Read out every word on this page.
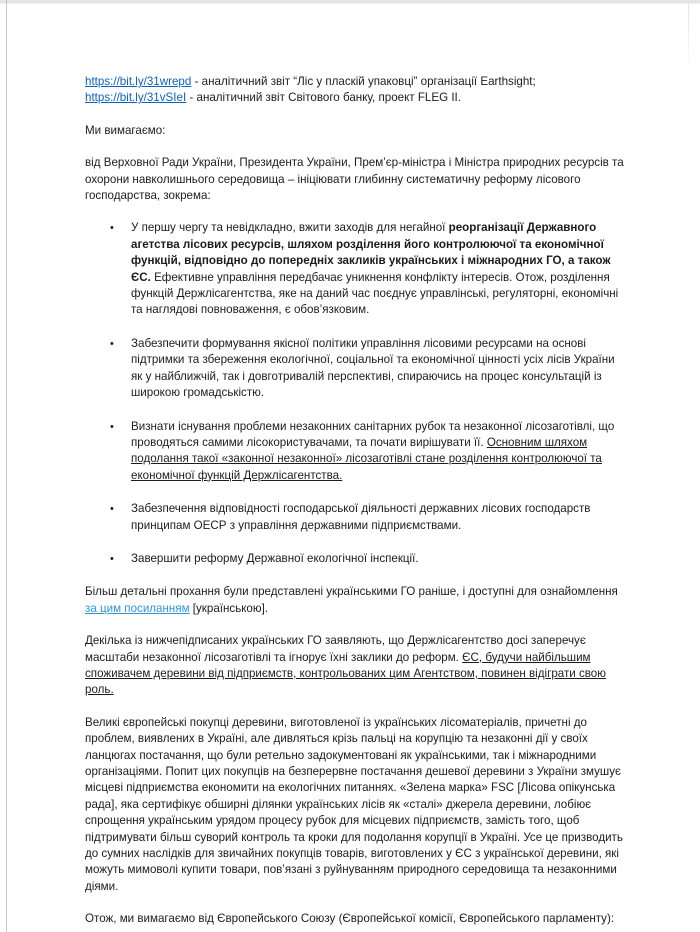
https://bit.ly/31wrepd - аналітичний звіт “Ліс у пласкій упаковці” організації Earthsight;
https://bit.ly/31vSIeI - аналітичний звіт Світового банку, проект FLEG II.
Ми вимагаємо:
від Верховної Ради України, Президента України, Прем’єр-міністра і Міністра природних ресурсів та охорони навколишнього середовища – ініціювати глибинну систематичну реформу лісового господарства, зокрема:
•	У першу чергу та невідкладно, вжити заходів для негайної реорганізації Державного агетства лісових ресурсів, шляхом розділення його контролюючої та економічної функцій, відповідно до попередніх закликів українських і міжнародних ГО, а також ЄС. Ефективне управління передбачає уникнення конфлікту інтересів. Отож, розділення функцій Держлісагентства, яке на даний час поєднує управлінські, регуляторні, економічні та наглядові повноваження, є обов’язковим.
•	Забезпечити формування якісної політики управління лісовими ресурсами на основі підтримки та збереження екологічної, соціальної та економічної цінності усіх лісів України як у найближчій, так і довготривалій перспективі, спираючись на процес консультацій із широкою громадськістю.
•	Визнати існування проблеми незаконних санітарних рубок та незаконної лісозаготівлі, що проводяться самими лісокористувачами, та почати вирішувати її. Основним шляхом подолання такої «законної незаконної» лісозаготівлі стане розділення контролюючої та економічної функцій Держлісагентства.
•	Забезпечення відповідності господарської діяльності державних лісових господарств принципам ОЕСР з управління державними підприємствами.
•	Завершити реформу Державної екологічної інспекції.
Більш детальні прохання були представлені українськими ГО раніше, і доступні для ознайомлення за цим посиланням [українською].
Декілька із нижчепідписаних українських ГО заявляють, що Держлісагентство досі заперечує масштаби незаконної лісозаготівлі та ігнорує їхні заклики до реформ. ЄС, будучи найбільшим споживачем деревини від підприємств, контрольованих цим Агентством, повинен відіграти свою роль.
Великі європейські покупці деревини, виготовленої із українських лісоматеріалів, причетні до проблем, виявлених в Україні, але дивляться крізь пальці на корупцію та незаконні дії у своїх ланцюгах постачання, що були ретельно задокументовані як українськими, так і міжнародними організаціями. Попит цих покупців на безперервне постачання дешевої деревини з України змушує місцеві підприємства економити на екологічних питаннях. «Зелена марка» FSC [Лісова опікунська рада], яка сертифікує обширні ділянки українських лісів як «сталі» джерела деревини, лобіює спрощення українським урядом процесу рубок для місцевих підприємств, замість того, щоб підтримувати більш суворий контроль та кроки для подолання корупції в Україні. Усе це призводить до сумних наслідків для звичайних покупців товарів, виготовлених у ЄС з української деревини, які можуть мимоволі купити товари, пов’язані з руйнуванням природного середовища та незаконними діями.
Отож, ми вимагаємо від Європейського Союзу (Європейської комісії, Європейського парламенту):
